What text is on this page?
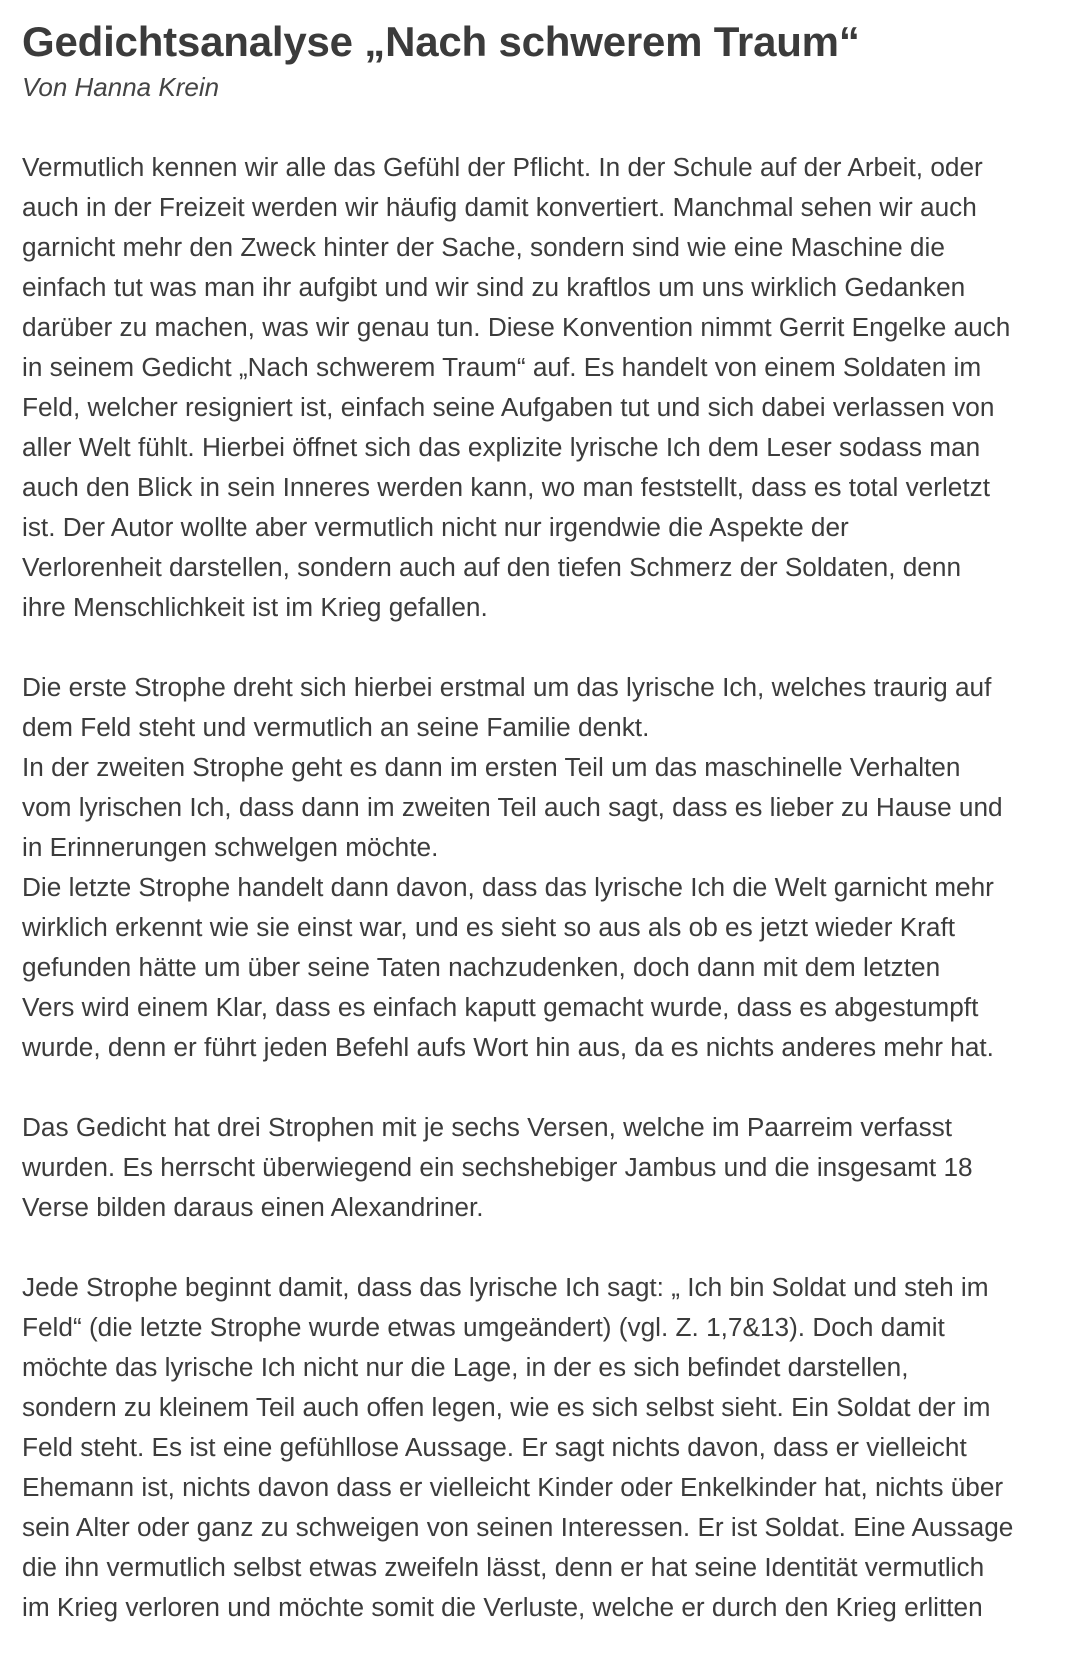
Gedichtsanalyse „Nach schwerem Traum“
Von Hanna Krein
Vermutlich kennen wir alle das Gefühl der Pflicht. In der Schule auf der Arbeit, oder
auch in der Freizeit werden wir häufig damit konvertiert. Manchmal sehen wir auch
garnicht mehr den Zweck hinter der Sache, sondern sind wie eine Maschine die
einfach tut was man ihr aufgibt und wir sind zu kraftlos um uns wirklich Gedanken
darüber zu machen, was wir genau tun. Diese Konvention nimmt Gerrit Engelke auch
in seinem Gedicht „Nach schwerem Traum“ auf. Es handelt von einem Soldaten im
Feld, welcher resigniert ist, einfach seine Aufgaben tut und sich dabei verlassen von
aller Welt fühlt. Hierbei öffnet sich das explizite lyrische Ich dem Leser sodass man
auch den Blick in sein Inneres werden kann, wo man feststellt, dass es total verletzt
ist. Der Autor wollte aber vermutlich nicht nur irgendwie die Aspekte der
Verlorenheit darstellen, sondern auch auf den tiefen Schmerz der Soldaten, denn
ihre Menschlichkeit ist im Krieg gefallen.
Die erste Strophe dreht sich hierbei erstmal um das lyrische Ich, welches traurig auf
dem Feld steht und vermutlich an seine Familie denkt.
In der zweiten Strophe geht es dann im ersten Teil um das maschinelle Verhalten
vom lyrischen Ich, dass dann im zweiten Teil auch sagt, dass es lieber zu Hause und
in Erinnerungen schwelgen möchte.
Die letzte Strophe handelt dann davon, dass das lyrische Ich die Welt garnicht mehr
wirklich erkennt wie sie einst war, und es sieht so aus als ob es jetzt wieder Kraft
gefunden hätte um über seine Taten nachzudenken, doch dann mit dem letzten
Vers wird einem Klar, dass es einfach kaputt gemacht wurde, dass es abgestumpft
wurde, denn er führt jeden Befehl aufs Wort hin aus, da es nichts anderes mehr hat.
Das Gedicht hat drei Strophen mit je sechs Versen, welche im Paarreim verfasst
wurden. Es herrscht überwiegend ein sechshebiger Jambus und die insgesamt 18
Verse bilden daraus einen Alexandriner.
Jede Strophe beginnt damit, dass das lyrische Ich sagt: „ Ich bin Soldat und steh im
Feld“ (die letzte Strophe wurde etwas umgeändert) (vgl. Z. 1,7&13). Doch damit
möchte das lyrische Ich nicht nur die Lage, in der es sich befindet darstellen,
sondern zu kleinem Teil auch offen legen, wie es sich selbst sieht. Ein Soldat der im
Feld steht. Es ist eine gefühllose Aussage. Er sagt nichts davon, dass er vielleicht
Ehemann ist, nichts davon dass er vielleicht Kinder oder Enkelkinder hat, nichts über
sein Alter oder ganz zu schweigen von seinen Interessen. Er ist Soldat. Eine Aussage
die ihn vermutlich selbst etwas zweifeln lässt, denn er hat seine Identität vermutlich
im Krieg verloren und möchte somit die Verluste, welche er durch den Krieg erlitten
